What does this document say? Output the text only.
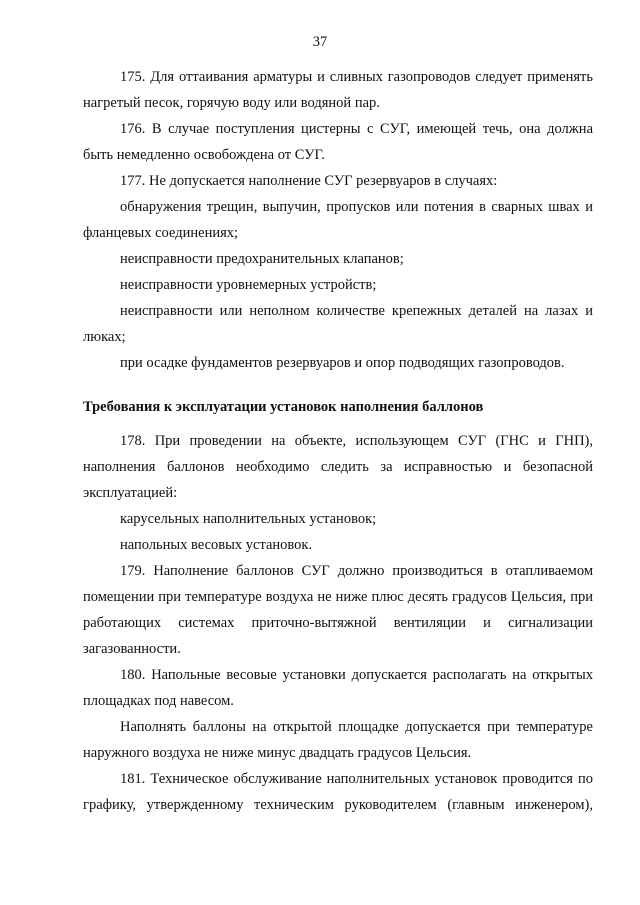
37

175. Для оттаивания арматуры и сливных газопроводов следует применять нагретый песок, горячую воду или водяной пар.

176. В случае поступления цистерны с СУГ, имеющей течь, она должна быть немедленно освобождена от СУГ.

177. Не допускается наполнение СУГ резервуаров в случаях:

обнаружения трещин, выпучин, пропусков или потения в сварных швах и фланцевых соединениях;

неисправности предохранительных клапанов;

неисправности уровнемерных устройств;

неисправности или неполном количестве крепежных деталей на лазах и люках;

при осадке фундаментов резервуаров и опор подводящих газопроводов.

Требования к эксплуатации установок наполнения баллонов

178. При проведении на объекте, использующем СУГ (ГНС и ГНП), наполнения баллонов необходимо следить за исправностью и безопасной эксплуатацией:

карусельных наполнительных установок;

напольных весовых установок.

179. Наполнение баллонов СУГ должно производиться в отапливаемом помещении при температуре воздуха не ниже плюс десять градусов Цельсия, при работающих системах приточно-вытяжной вентиляции и сигнализации загазованности.

180. Напольные весовые установки допускается располагать на открытых площадках под навесом.

Наполнять баллоны на открытой площадке допускается при температуре наружного воздуха не ниже минус двадцать градусов Цельсия.

181. Техническое обслуживание наполнительных установок проводится по графику, утвержденному техническим руководителем (главным инженером),
